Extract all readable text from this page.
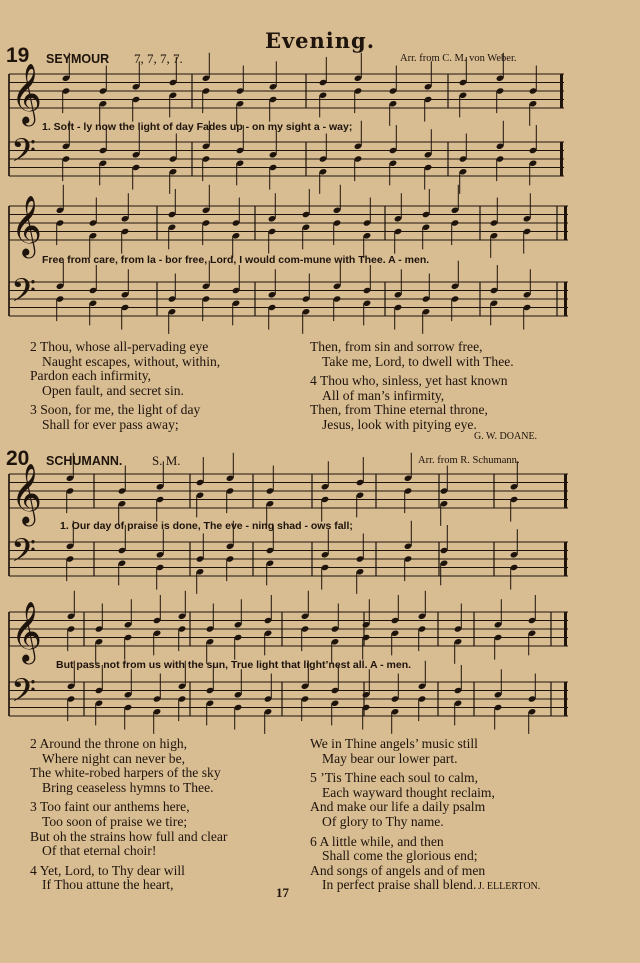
Evening.
19 SEYMOUR 7, 7, 7, 7.	Arr. from C. M. von Weber.
𝄞
𝄢
𝄞
𝄢
𝄞
𝄢
𝄞
𝄢
1. Soft - ly now the light of day Fades up - on my sight a - way;
Free from care, from la - bor free, Lord, I would com-mune with Thee. A - men.
2 Thou, whose all-pervading eye
Naught escapes, without, within,
Pardon each infirmity,
Open fault, and secret sin.
3 Soon, for me, the light of day
Shall for ever pass away;
Then, from sin and sorrow free,
Take me, Lord, to dwell with Thee.
4 Thou who, sinless, yet hast known
All of man’s infirmity,
Then, from Thine eternal throne,
Jesus, look with pitying eye.
G. W. DOANE.
20 SCHUMANN. S. M.	Arr. from R. Schumann.
1. Our day of praise is done, The eve - ning shad - ows fall;
But pass not from us with the sun, True light that light’nest all. A - men.
2 Around the throne on high,
Where night can never be,
The white-robed harpers of the sky
Bring ceaseless hymns to Thee.
3 Too faint our anthems here,
Too soon of praise we tire;
But oh the strains how full and clear
Of that eternal choir!
4 Yet, Lord, to Thy dear will
If Thou attune the heart,
We in Thine angels’ music still
May bear our lower part.
5 ’Tis Thine each soul to calm,
Each wayward thought reclaim,
And make our life a daily psalm
Of glory to Thy name.
6 A little while, and then
Shall come the glorious end;
And songs of angels and of men
In perfect praise shall blend. J. ELLERTON.
17
